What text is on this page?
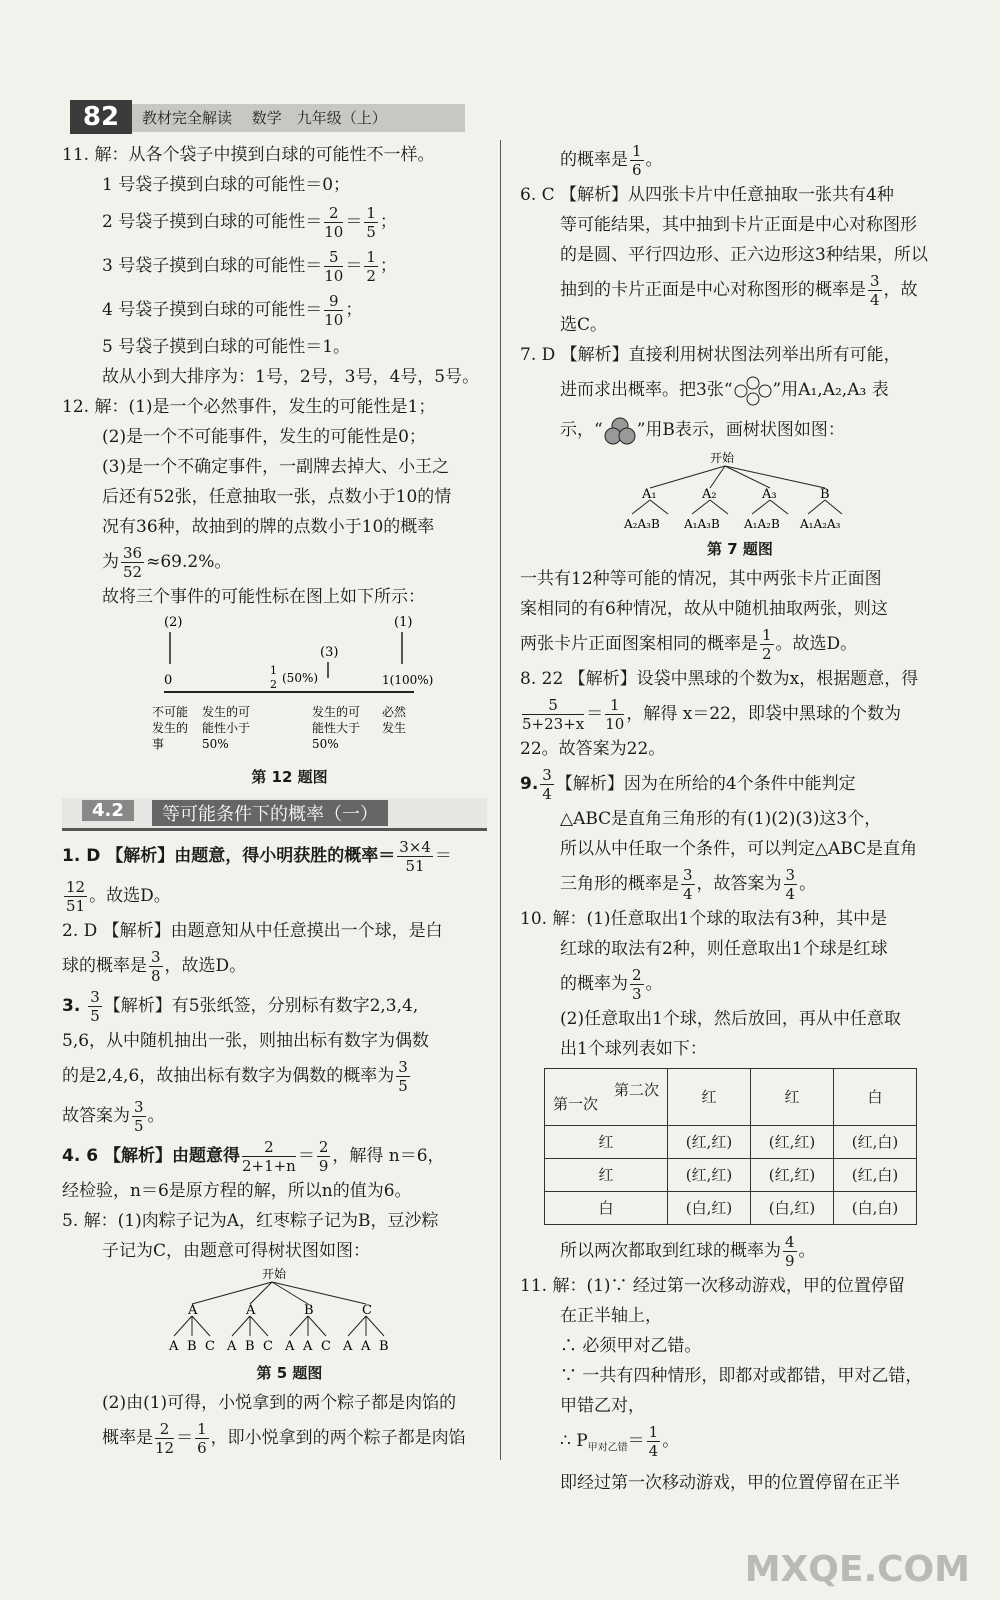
82	教材完全解读　 数学　九年级（上）

11. 解：从各个袋子中摸到白球的可能性不一样。

1 号袋子摸到白球的可能性＝0；

2 号袋子摸到白球的可能性＝ $\frac{2}{10} = \frac{1}{5}$ ；

3 号袋子摸到白球的可能性＝ $\frac{5}{10} = \frac{1}{2}$ ；

4 号袋子摸到白球的可能性＝ $\frac{9}{10}$ ；

5 号袋子摸到白球的可能性＝1。

故从小到大排序为：1号，2号，3号，4号，5号。

12. 解：(1)是一个必然事件，发生的可能性是1；

(2)是一个不可能事件，发生的可能性是0；

(3)是一个不确定事件，一副牌去掉大、小王之

后还有52张，任意抽取一张，点数小于10的情

况有36种，故抽到的牌的点数小于10的概率

为 $\frac{36}{52} \approx 69.2\%$。

故将三个事件的可能性标在图上如下所示：

(2)
(3)
(1)
0
1
2 (50%)	1(100%)
不可能
发生的
事
发生的可
能性小于
50%
发生的可
能性大于
50%
必然
发生
第 12 题图
4.2	等可能条件下的概率（一）

1. D 【解析】由题意，得小明获胜的概率＝ $\frac{3\times 4}{51}$ ＝

$\frac{12}{51}$ 。故选D。

2. D 【解析】由题意知从中任意摸出一个球，是白

球的概率是 $\frac{3}{8}$ ，故选D。

3. $\frac{3}{5}$ 【解析】有5张纸签，分别标有数字2,3,4,

5,6，从中随机抽出一张，则抽出标有数字为偶数

的是2,4,6，故抽出标有数字为偶数的概率为 $\frac{3}{5}$

故答案为 $\frac{3}{5}$ 。

4. 6 【解析】由题意得 $\frac{2}{2+1+n} = \frac{2}{9}$ ，解得 n＝6，

经检验，n＝6是原方程的解，所以n的值为6。

5. 解：(1)肉粽子记为A，红枣粽子记为B，豆沙粽

子记为C，由题意可得树状图如图：

开始
A	A	B	C
A B C A B C A A C A A B
第 5 题图

(2)由(1)可得，小悦拿到的两个粽子都是肉馅的

概率是 $\frac{2}{12} = \frac{1}{6}$ ，即小悦拿到的两个粽子都是肉馅

的概率是 $\frac{1}{6}$ 。

6. C 【解析】从四张卡片中任意抽取一张共有4种

等可能结果，其中抽到卡片正面是中心对称图形

的是圆、平行四边形、正六边形这3种结果，所以

抽到的卡片正面是中心对称图形的概率是 $\frac{3}{4}$ ，故

选C。

7. D 【解析】直接利用树状图法列举出所有可能，

进而求出概率。把3张“ ”用A₁,A₂,A₃ 表

示，“ ”用B表示，画树状图如图：

开始
A₁	A₂	A₃	B
A₂A₃B A₁A₃B A₁A₂B A₁A₂A₃
第 7 题图

一共有12种等可能的情况，其中两张卡片正面图

案相同的有6种情况，故从中随机抽取两张，则这

两张卡片正面图案相同的概率是 $\frac{1}{2}$ 。故选D。

8. 22 【解析】设袋中黑球的个数为x，根据题意，得

$\frac{5}{5+23+x} = \frac{1}{10}$ ，解得 x＝22，即袋中黑球的个数为

22。故答案为22。

9. $\frac{3}{4}$ 【解析】因为在所给的4个条件中能判定

△ABC是直角三角形的有(1)(2)(3)这3个，

所以从中任取一个条件，可以判定△ABC是直角

三角形的概率是 $\frac{3}{4}$ ，故答案为 $\frac{3}{4}$ 。

10. 解：(1)任意取出1个球的取法有3种，其中是

红球的取法有2种，则任意取出1个球是红球

的概率为 $\frac{2}{3}$ 。

(2)任意取出1个球，然后放回，再从中任意取

出1个球列表如下：

第二次
第一次	红	红	白
红	(红,红)	(红,红)	(红,白)
红	(红,红)	(红,红)	(红,白)
白	(白,红)	(白,红)	(白,白)

所以两次都取到红球的概率为 $\frac{4}{9}$ 。

11. 解：(1)∵ 经过第一次移动游戏，甲的位置停留

在正半轴上，

∴ 必须甲对乙错。

∵ 一共有四种情形，即都对或都错，甲对乙错，

甲错乙对，

∴ $P_{甲对乙错}= \frac{1}{4}$ 。

即经过第一次移动游戏，甲的位置停留在正半

MXQE.COM
